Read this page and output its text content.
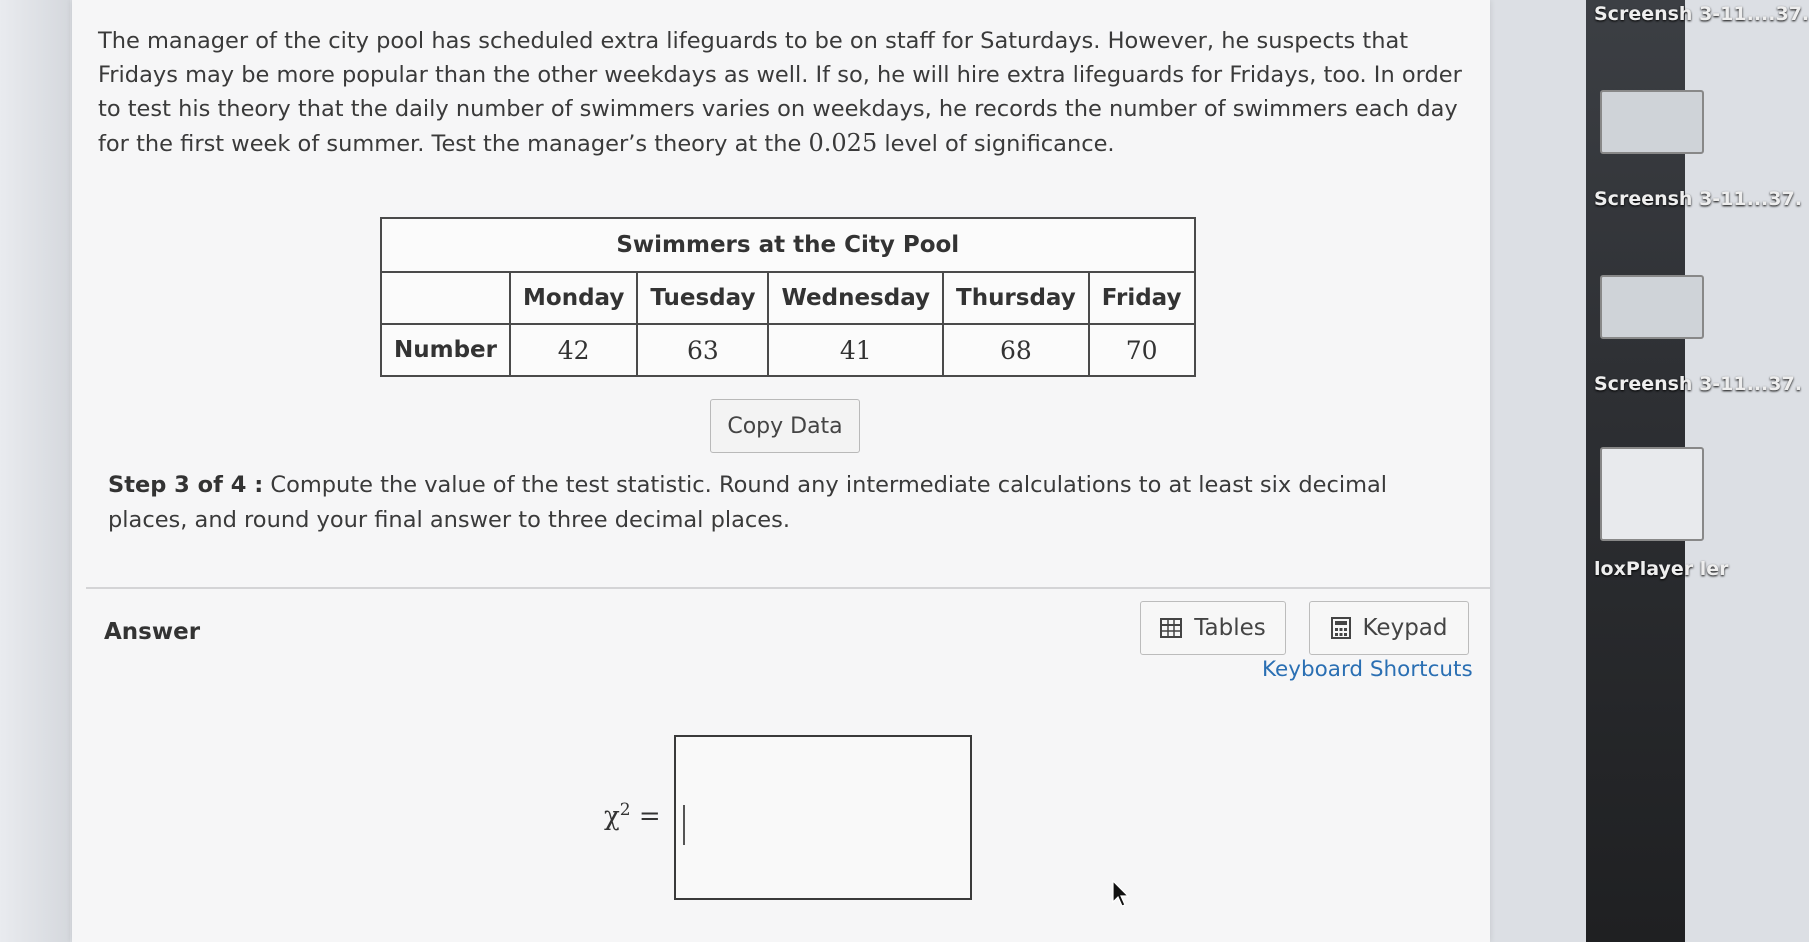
The manager of the city pool has scheduled extra lifeguards to be on staff for Saturdays. However, he suspects that Fridays may be more popular than the other weekdays as well. If so, he will hire extra lifeguards for Fridays, too. In order to test his theory that the daily number of swimmers varies on weekdays, he records the number of swimmers each day for the first week of summer. Test the manager’s theory at the 0.025 level of significance.
Swimmers at the City Pool					
	Monday	Tuesday	Wednesday	Thursday	Friday
Number	42	63	41	68	70
Copy Data
Step 3 of 4 : Compute the value of the test statistic. Round any intermediate calculations to at least six decimal places, and round your final answer to three decimal places.
Answer	Tables	Keypad
Keyboard Shortcuts
$\chi^2$ =
Screensh 3-11....37.
Screensh 3-11...37.
Screensh 3-11...37.
loxPlayer ler
